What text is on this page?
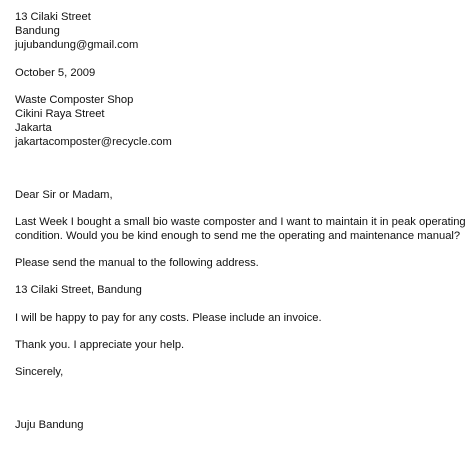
13 Cilaki Street
Bandung
jujubandung@gmail.com
October 5, 2009
Waste Composter Shop
Cikini Raya Street
Jakarta
jakartacomposter@recycle.com
Dear Sir or Madam,
Last Week I bought a small bio waste composter and I want to maintain it in peak operating condition. Would you be kind enough to send me the operating and maintenance manual?
Please send the manual to the following address.
13 Cilaki Street, Bandung
I will be happy to pay for any costs. Please include an invoice.
Thank you. I appreciate your help.
Sincerely,
Juju Bandung
